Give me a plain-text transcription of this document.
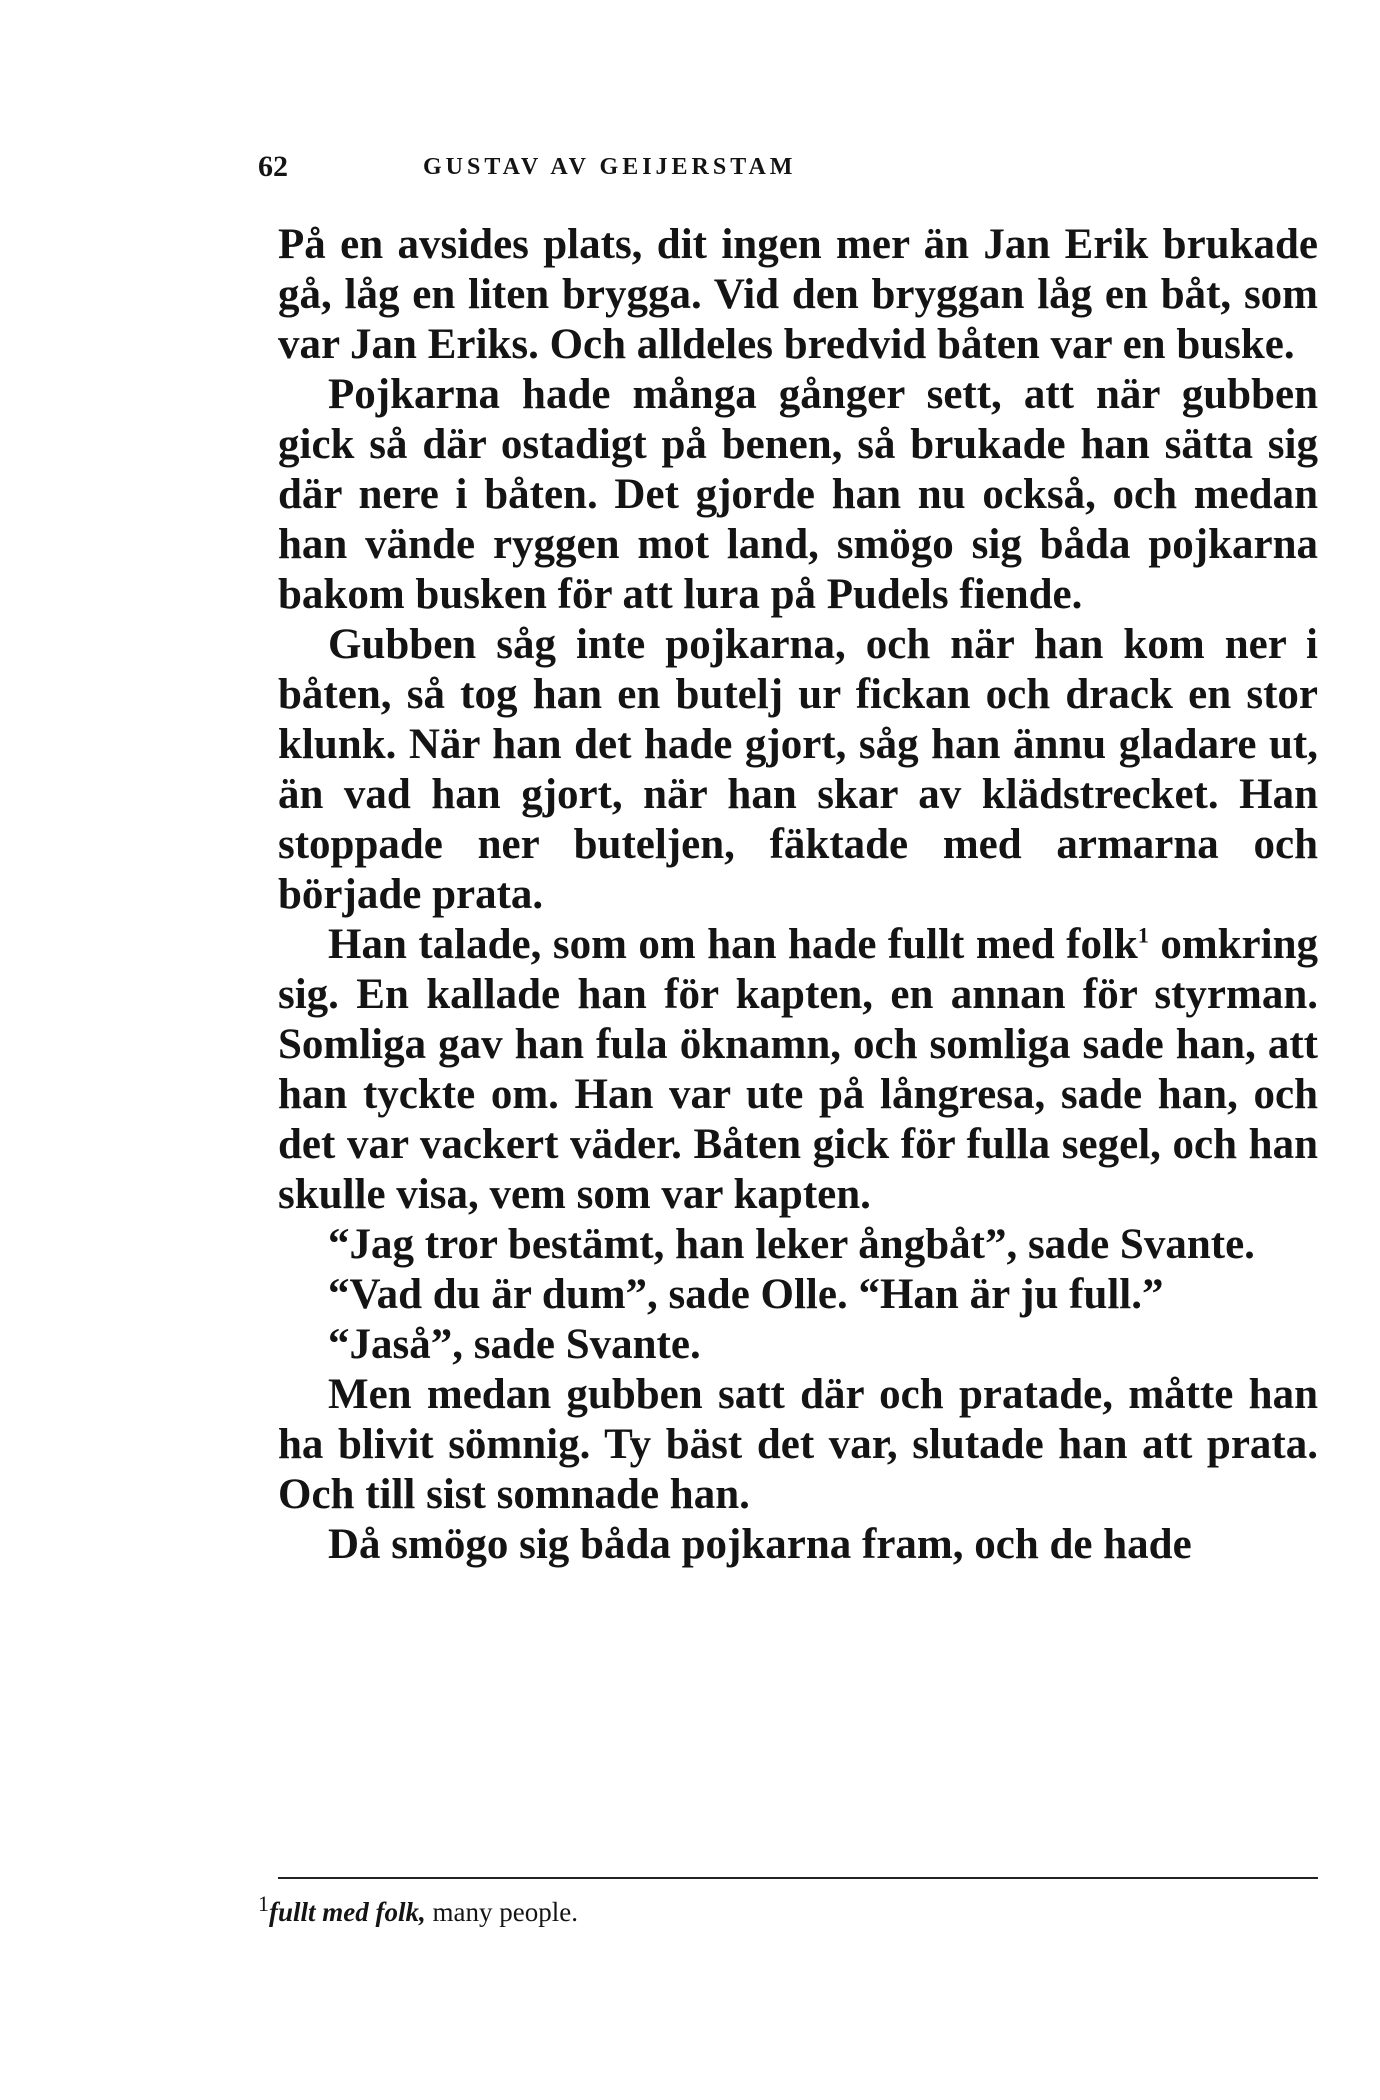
62	GUSTAV AV GEIJERSTAM

På en avsides plats, dit ingen mer än Jan Erik brukade gå, låg en liten brygga. Vid den bryggan låg en båt, som var Jan Eriks. Och alldeles bredvid båten var en buske.

Pojkarna hade många gånger sett, att när gubben gick så där ostadigt på benen, så brukade han sätta sig där nere i båten. Det gjorde han nu också, och medan han vände ryggen mot land, smögo sig båda pojkarna bakom busken för att lura på Pudels fiende.

Gubben såg inte pojkarna, och när han kom ner i båten, så tog han en butelj ur fickan och drack en stor klunk. När han det hade gjort, såg han ännu gladare ut, än vad han gjort, när han skar av klädstrecket. Han stoppade ner buteljen, fäktade med armarna och började prata.

Han talade, som om han hade fullt med folk$^1$ omkring sig. En kallade han för kapten, en annan för styrman. Somliga gav han fula öknamn, och somliga sade han, att han tyckte om. Han var ute på långresa, sade han, och det var vackert väder. Båten gick för fulla segel, och han skulle visa, vem som var kapten.

“Jag tror bestämt, han leker ångbåt”, sade Svante.

“Vad du är dum”, sade Olle. “Han är ju full.”

“Jaså”, sade Svante.

Men medan gubben satt där och pratade, måtte han ha blivit sömnig. Ty bäst det var, slutade han att prata. Och till sist somnade han.

Då smögo sig båda pojkarna fram, och de hade

$^1$fullt med folk, many people.
